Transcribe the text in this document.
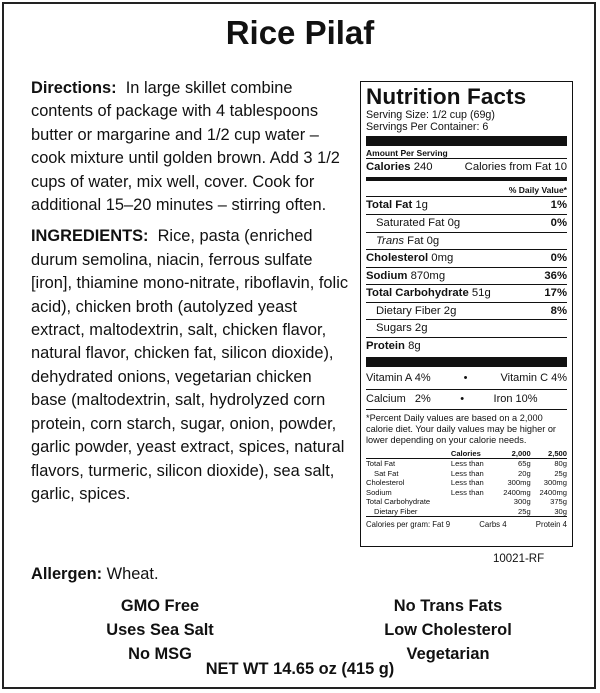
Rice Pilaf

Directions: In large skillet combine contents of package with 4 tablespoons butter or margarine and 1/2 cup water – cook mixture until golden brown. Add 3 1/2 cups of water, mix well, cover. Cook for additional 15–20 minutes – stirring often.

INGREDIENTS: Rice, pasta (enriched durum semolina, niacin, ferrous sulfate [iron], thiamine mono-nitrate, riboflavin, folic acid), chicken broth (autolyzed yeast extract, maltodextrin, salt, chicken flavor, natural flavor, chicken fat, silicon dioxide), dehydrated onions, vegetarian chicken base (maltodextrin, salt, hydrolyzed corn protein, corn starch, sugar, onion, powder, garlic powder, yeast extract, spices, natural flavors, turmeric, silicon dioxide), sea salt, garlic, spices.

Nutrition Facts
Serving Size: 1/2 cup (69g)
Servings Per Container: 6
Amount Per Serving
Calories 240	Calories from Fat 10
% Daily Value*
Total Fat 1g	1%
Saturated Fat 0g	0%
Trans Fat 0g
Cholesterol 0mg	0%
Sodium 870mg	36%
Total Carbohydrate 51g	17%
Dietary Fiber 2g	8%
Sugars 2g
Protein 8g
Vitamin A 4%	•	Vitamin C 4%
Calcium 2%	•	Iron 10%
*Percent Daily values are based on a 2,000 calorie diet. Your daily values may be higher or lower depending on your calorie needs.
	Calories	2,000	2,500
Total Fat	Less than	65g	80g
Sat Fat	Less than	20g	25g
Cholesterol	Less than	300mg	300mg
Sodium	Less than	2400mg	2400mg
Total Carbohydrate		300g	375g
Dietary Fiber		25g	30g
Calories per gram: Fat 9	Carbs 4	Protein 4
10021-RF
Allergen: Wheat.
GMO Free
Uses Sea Salt
No MSG
No Trans Fats
Low Cholesterol
Vegetarian
NET WT 14.65 oz (415 g)
